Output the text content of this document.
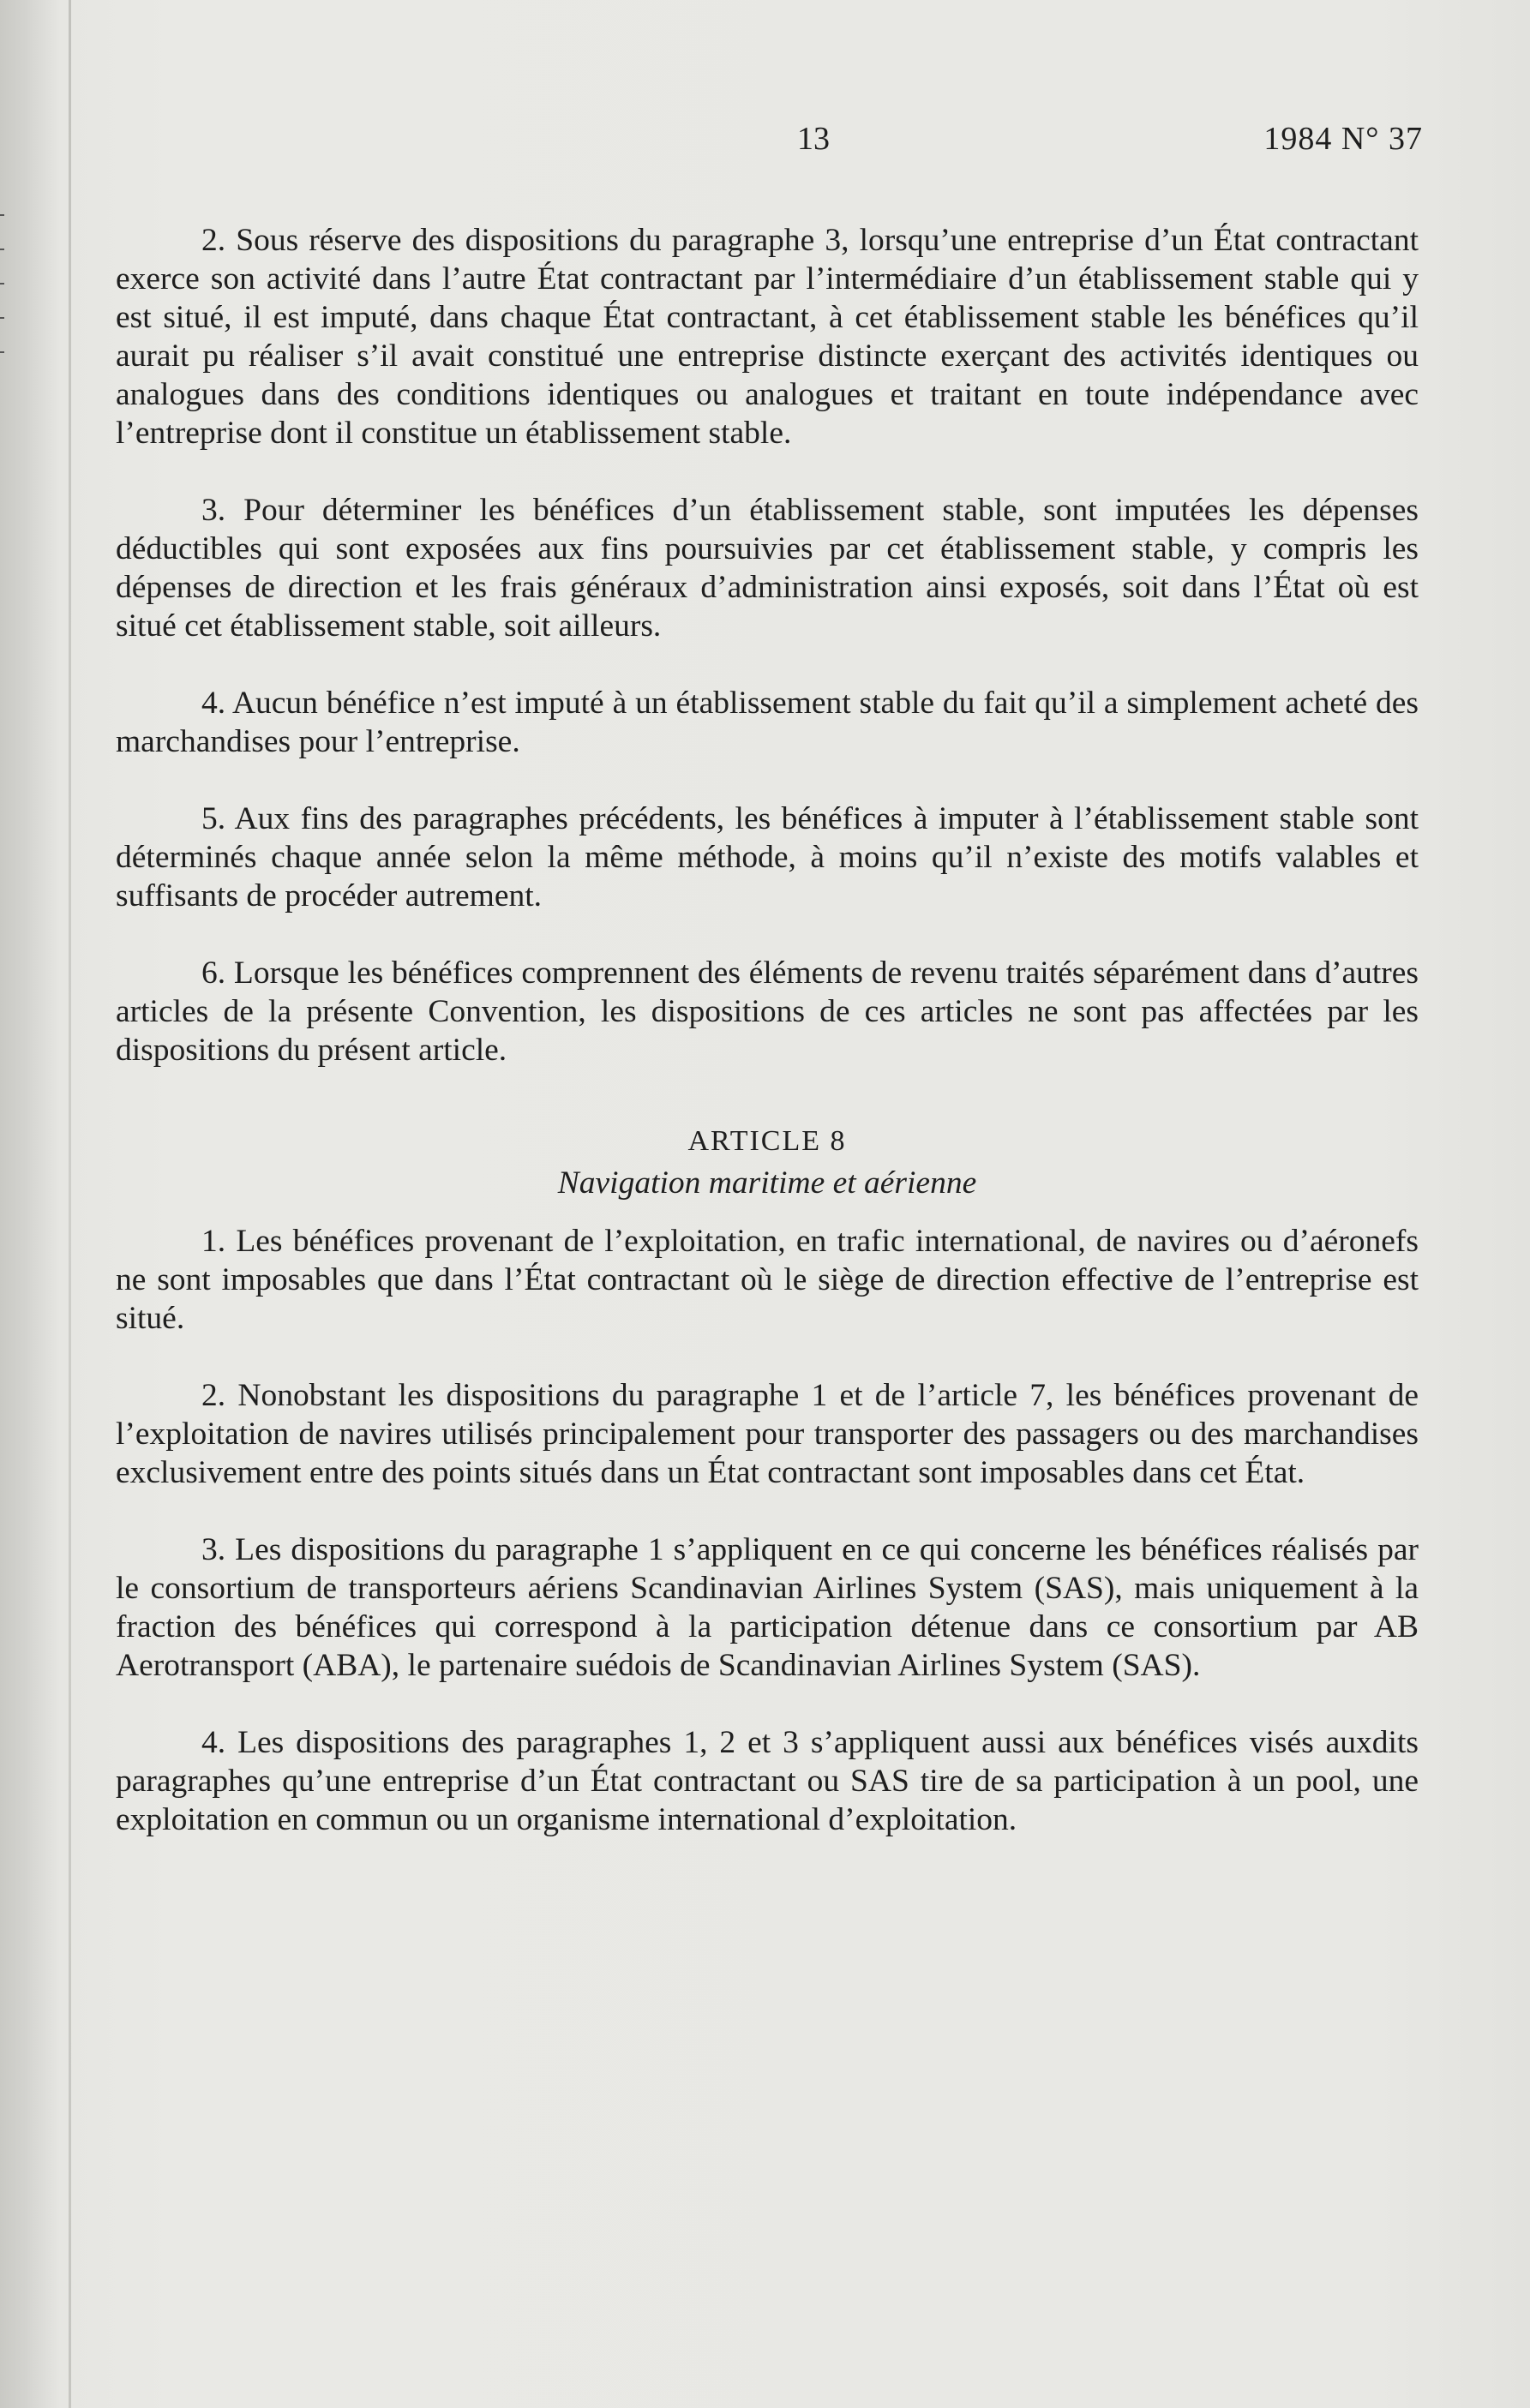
13	1984 N° 37

2. Sous réserve des dispositions du paragraphe 3, lorsqu’une entreprise d’un État contractant exerce son activité dans l’autre État contractant par l’intermédiaire d’un établissement stable qui y est situé, il est imputé, dans chaque État contractant, à cet établissement stable les bénéfices qu’il aurait pu réaliser s’il avait constitué une entreprise distincte exerçant des activités identiques ou analogues dans des conditions identiques ou analogues et traitant en toute indépendance avec l’entreprise dont il constitue un établissement stable.

3. Pour déterminer les bénéfices d’un établissement stable, sont imputées les dépenses déductibles qui sont exposées aux fins poursuivies par cet établissement stable, y compris les dépenses de direction et les frais généraux d’administration ainsi exposés, soit dans l’État où est situé cet établissement stable, soit ailleurs.

4. Aucun bénéfice n’est imputé à un établissement stable du fait qu’il a simplement acheté des marchandises pour l’entreprise.

5. Aux fins des paragraphes précédents, les bénéfices à imputer à l’établissement stable sont déterminés chaque année selon la même méthode, à moins qu’il n’existe des motifs valables et suffisants de procéder autrement.

6. Lorsque les bénéfices comprennent des éléments de revenu traités séparément dans d’autres articles de la présente Convention, les dispositions de ces articles ne sont pas affectées par les dispositions du présent article.

ARTICLE 8
Navigation maritime et aérienne

1. Les bénéfices provenant de l’exploitation, en trafic international, de navires ou d’aéronefs ne sont imposables que dans l’État contractant où le siège de direction effective de l’entreprise est situé.

2. Nonobstant les dispositions du paragraphe 1 et de l’article 7, les bénéfices provenant de l’exploitation de navires utilisés principalement pour transporter des passagers ou des marchandises exclusivement entre des points situés dans un État contractant sont imposables dans cet État.

3. Les dispositions du paragraphe 1 s’appliquent en ce qui concerne les bénéfices réalisés par le consortium de transporteurs aériens Scandinavian Airlines System (SAS), mais uniquement à la fraction des bénéfices qui correspond à la participation détenue dans ce consortium par AB Aerotransport (ABA), le partenaire suédois de Scandinavian Airlines System (SAS).

4. Les dispositions des paragraphes 1, 2 et 3 s’appliquent aussi aux bénéfices visés auxdits paragraphes qu’une entreprise d’un État contractant ou SAS tire de sa participation à un pool, une exploitation en commun ou un organisme international d’exploitation.
